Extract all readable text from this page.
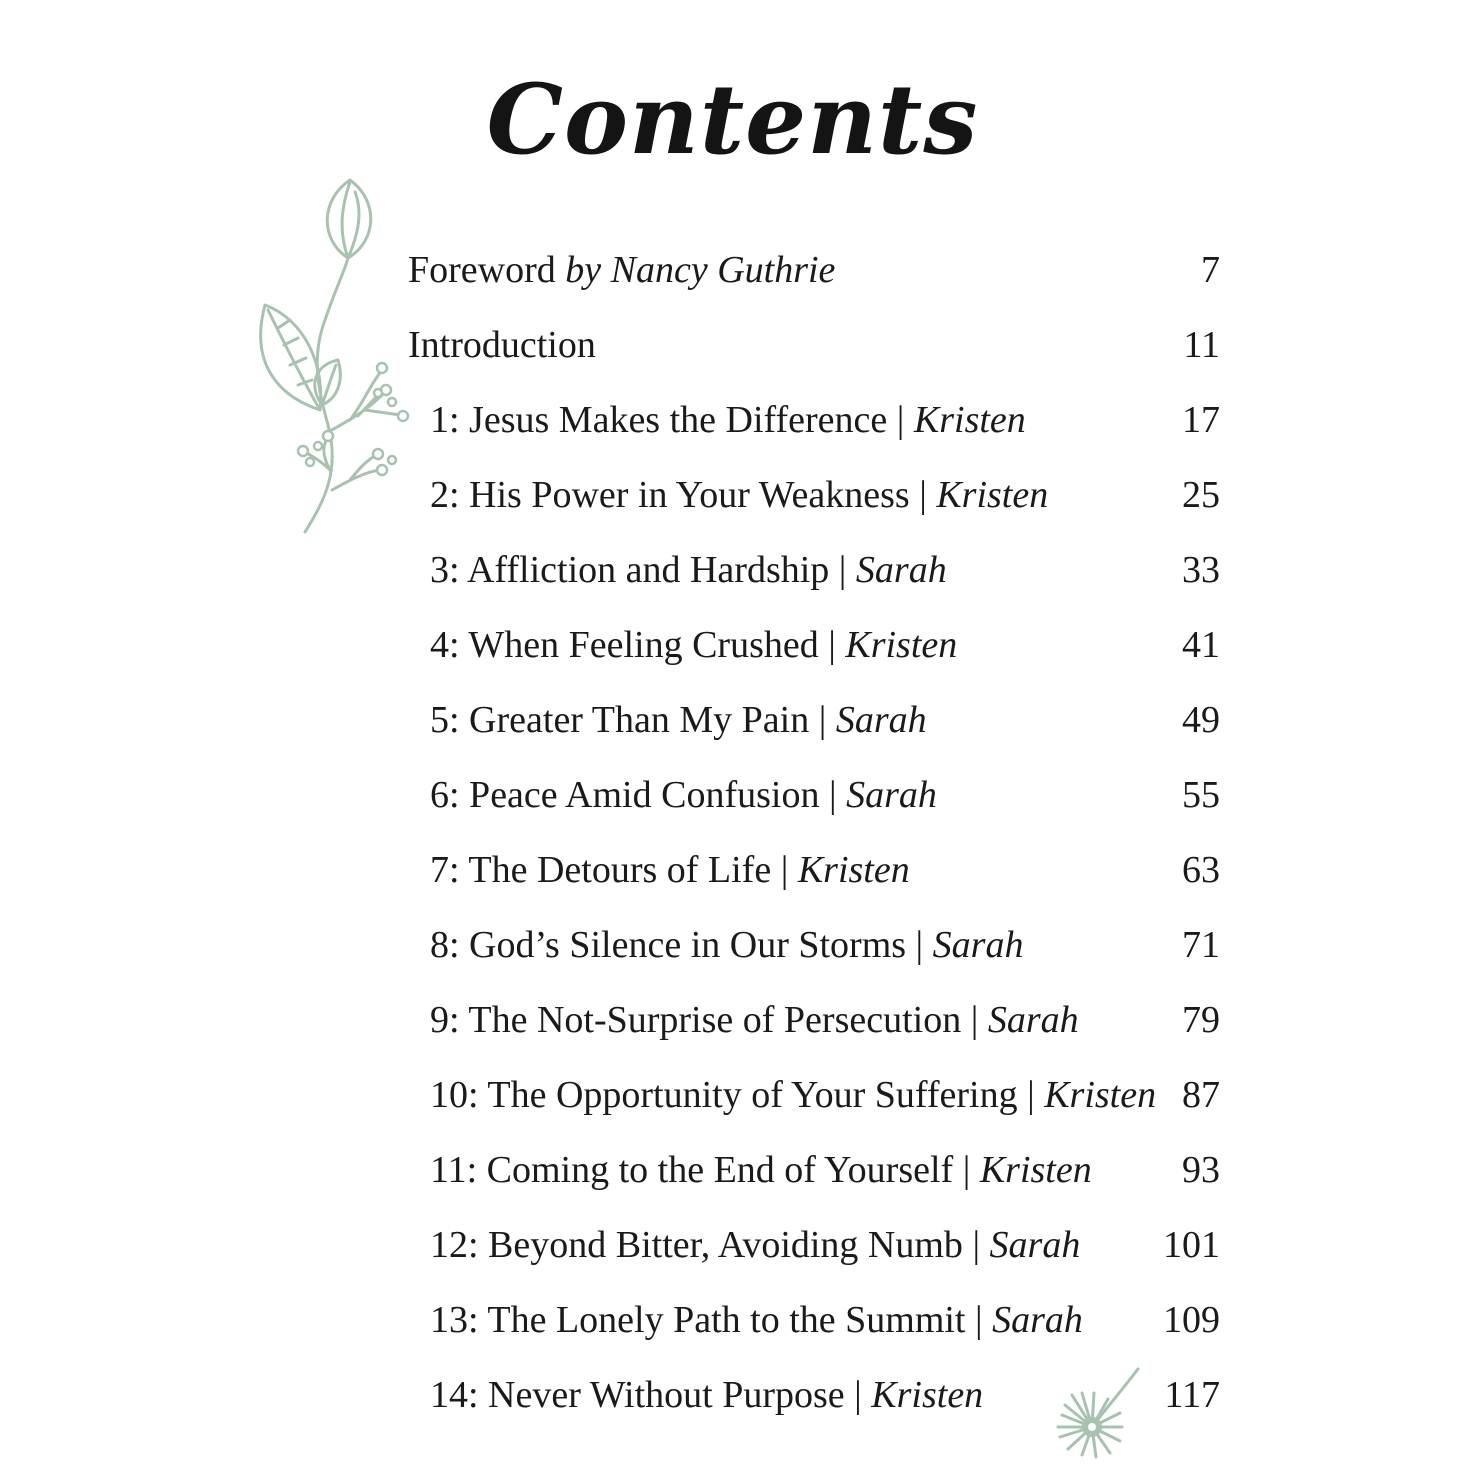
Contents
Foreword by Nancy Guthrie	7
Introduction	11
1: Jesus Makes the Difference | Kristen	17
2: His Power in Your Weakness | Kristen	25
3: Affliction and Hardship | Sarah	33
4: When Feeling Crushed | Kristen	41
5: Greater Than My Pain | Sarah	49
6: Peace Amid Confusion | Sarah	55
7: The Detours of Life | Kristen	63
8: God’s Silence in Our Storms | Sarah	71
9: The Not-Surprise of Persecution | Sarah	79
10: The Opportunity of Your Suffering | Kristen 87
11: Coming to the End of Yourself | Kristen 93
12: Beyond Bitter, Avoiding Numb | Sarah 101
13: The Lonely Path to the Summit | Sarah 109
14: Never Without Purpose | Kristen	117
